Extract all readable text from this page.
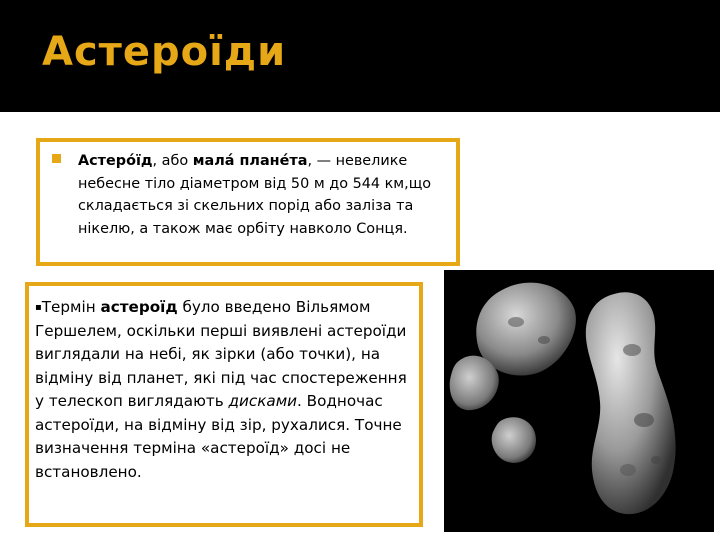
Астероїди
Астеро́їд, або мала́ плане́та, — невелике небесне тіло діаметром від 50 м до 544 км,що складається зі скельних порід або заліза та нікелю, а також має орбіту навколо Сонця.
▪Термін астероїд було введено Вільямом Гершелем, оскільки перші виявлені астероїди виглядали на небі, як зірки (або точки), на відміну від планет, які під час спостереження у телескоп виглядають дисками. Водночас астероїди, на відміну від зір, рухалися. Точне визначення терміна «астероїд» досі не встановлено.
